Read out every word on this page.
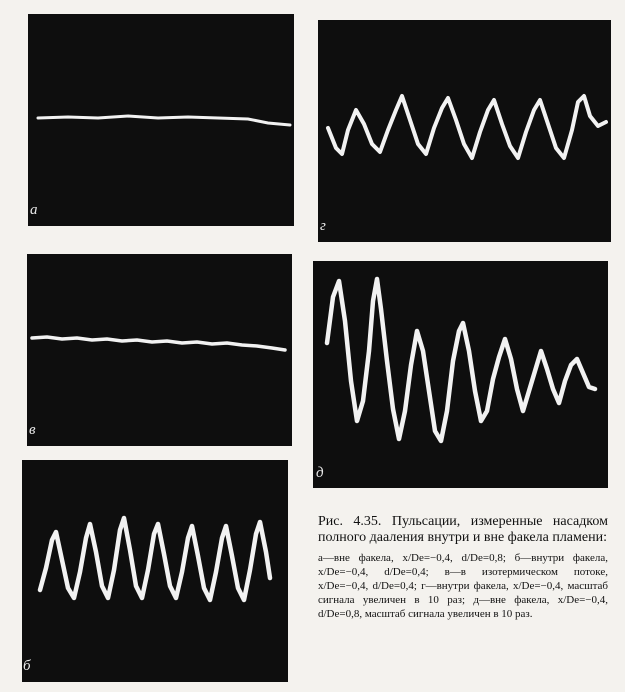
а
в
б
г
д

Рис. 4.35. Пульсации, измеренные насадком полного дааления внутри и вне факела пламени:

а—вне факела, x/De=−0,4, d/De=0,8; б—внутри факела, x/De=−0,4, d/De=0,4; в—в изотермическом потоке, x/De=−0,4, d/De=0,4; г—внутри факела, x/De=−0,4, масштаб сигнала увеличен в 10 раз; д—вне факела, x/De=−0,4, d/De=0,8, масштаб сигнала увеличен в 10 раз.
